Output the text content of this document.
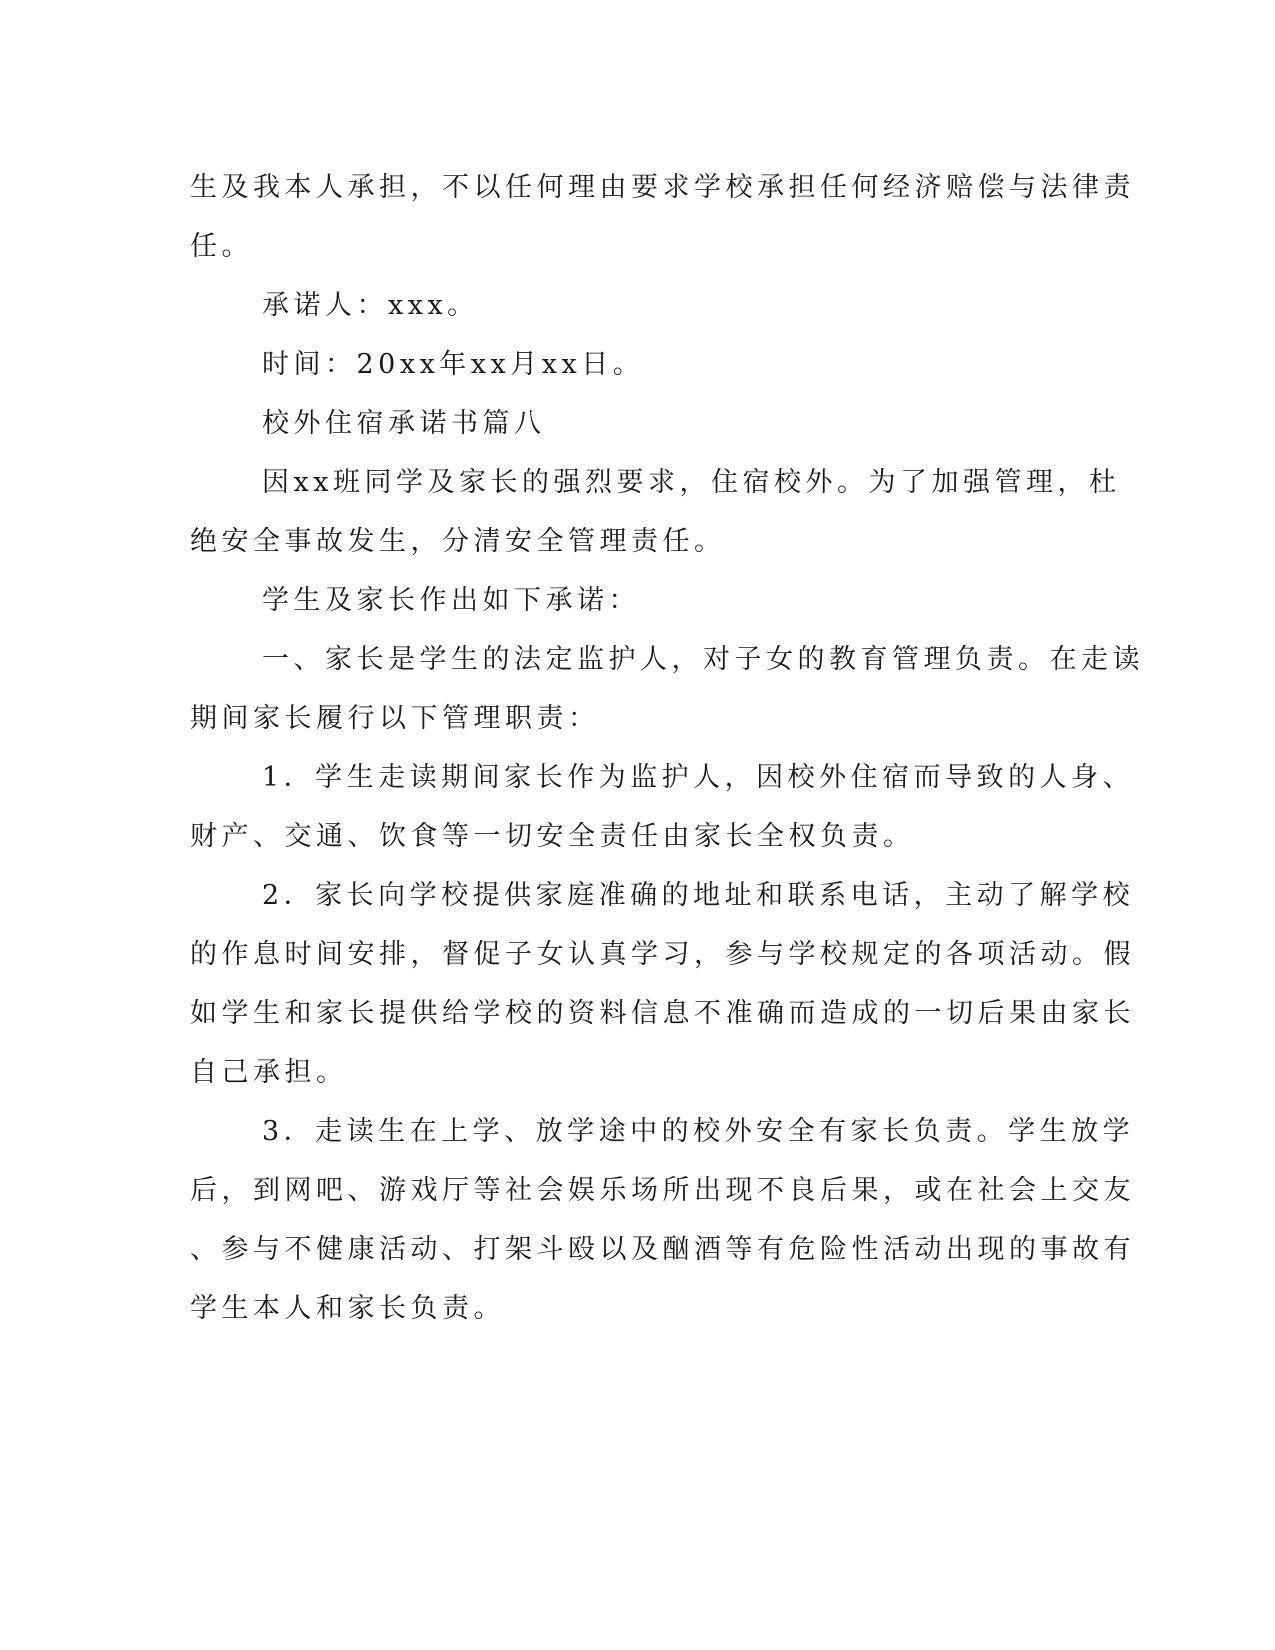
生及我本人承担，不以任何理由要求学校承担任何经济赔偿与法律责
任。
承诺人：xxx。
时间：20xx年xx月xx日。
校外住宿承诺书篇八
因xx班同学及家长的强烈要求，住宿校外。为了加强管理，杜
绝安全事故发生，分清安全管理责任。
学生及家长作出如下承诺：
一、家长是学生的法定监护人，对子女的教育管理负责。在走读
期间家长履行以下管理职责：
1．学生走读期间家长作为监护人，因校外住宿而导致的人身、
财产、交通、饮食等一切安全责任由家长全权负责。
2．家长向学校提供家庭准确的地址和联系电话，主动了解学校
的作息时间安排，督促子女认真学习，参与学校规定的各项活动。假
如学生和家长提供给学校的资料信息不准确而造成的一切后果由家长
自己承担。
3．走读生在上学、放学途中的校外安全有家长负责。学生放学
后，到网吧、游戏厅等社会娱乐场所出现不良后果，或在社会上交友
、参与不健康活动、打架斗殴以及酗酒等有危险性活动出现的事故有
学生本人和家长负责。
